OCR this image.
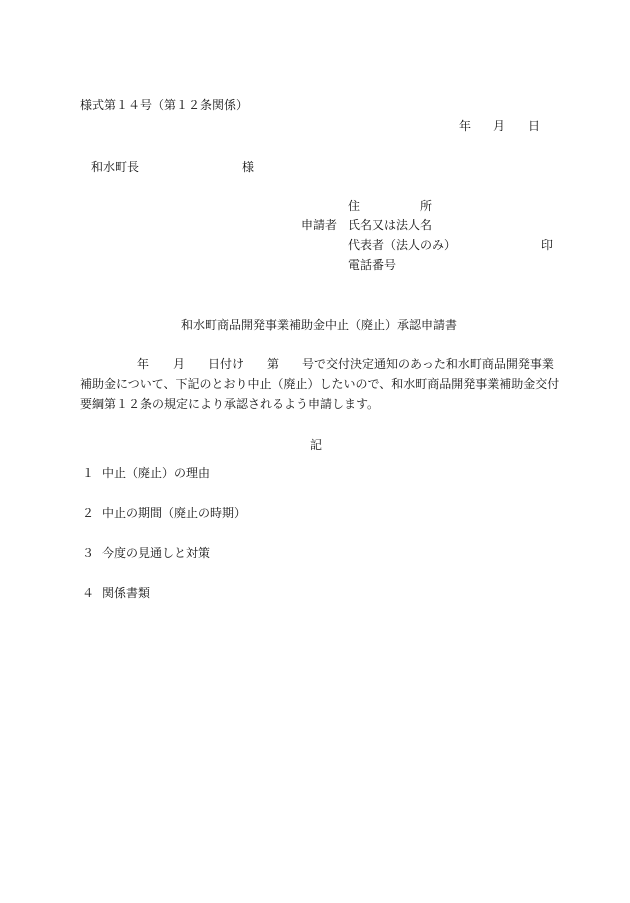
様式第１４号（第１２条関係）
年 月 日
和水町長	様
住	所
申請者 氏名又は法人名
代表者（法人のみ）	印
電話番号
和水町商品開発事業補助金中止（廃止）承認申請書
年 月 日付け 第 号で交付決定通知のあった和水町商品開発事業
補助金について、下記のとおり中止（廃止）したいので、和水町商品開発事業補助金交付
要綱第１２条の規定により承認されるよう申請します。
記
１ 中止（廃止）の理由
２ 中止の期間（廃止の時期）
３ 今度の見通しと対策
４ 関係書類
